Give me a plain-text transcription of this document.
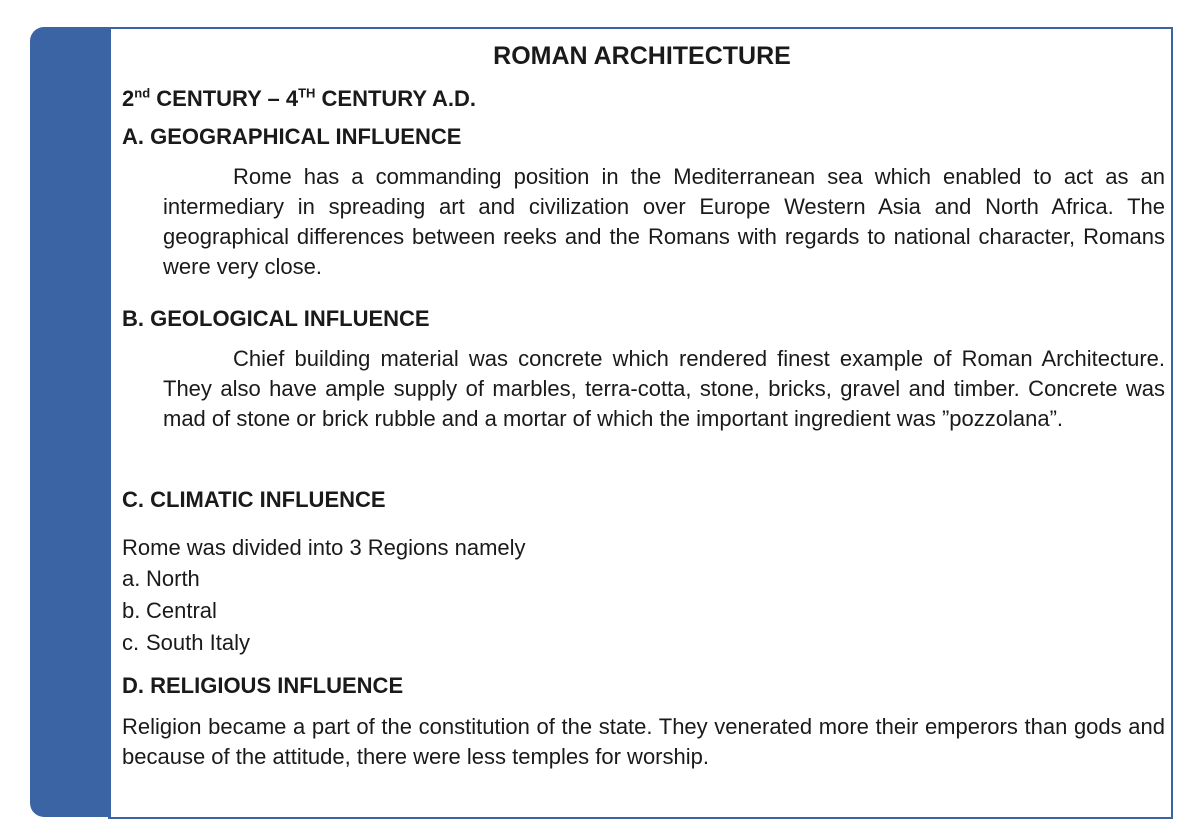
ROMAN ARCHITECTURE
2nd CENTURY – 4TH CENTURY A.D.
A. GEOGRAPHICAL INFLUENCE
Rome has a commanding position in the Mediterranean sea which enabled to act as an intermediary in spreading art and civilization over Europe Western Asia and North Africa. The geographical differences between reeks and the Romans with regards to national character, Romans were very close.
B. GEOLOGICAL INFLUENCE
Chief building material was concrete which rendered finest example of Roman Architecture. They also have ample supply of marbles, terra-cotta, stone, bricks, gravel and timber. Concrete was mad of stone or brick rubble and a mortar of which the important ingredient was ”pozzolana”.
C. CLIMATIC INFLUENCE
Rome was divided into 3 Regions namely
a. North
b. Central
c. South Italy
D. RELIGIOUS INFLUENCE
Religion became a part of the constitution of the state. They venerated more their emperors than gods and because of the attitude, there were less temples for worship.
